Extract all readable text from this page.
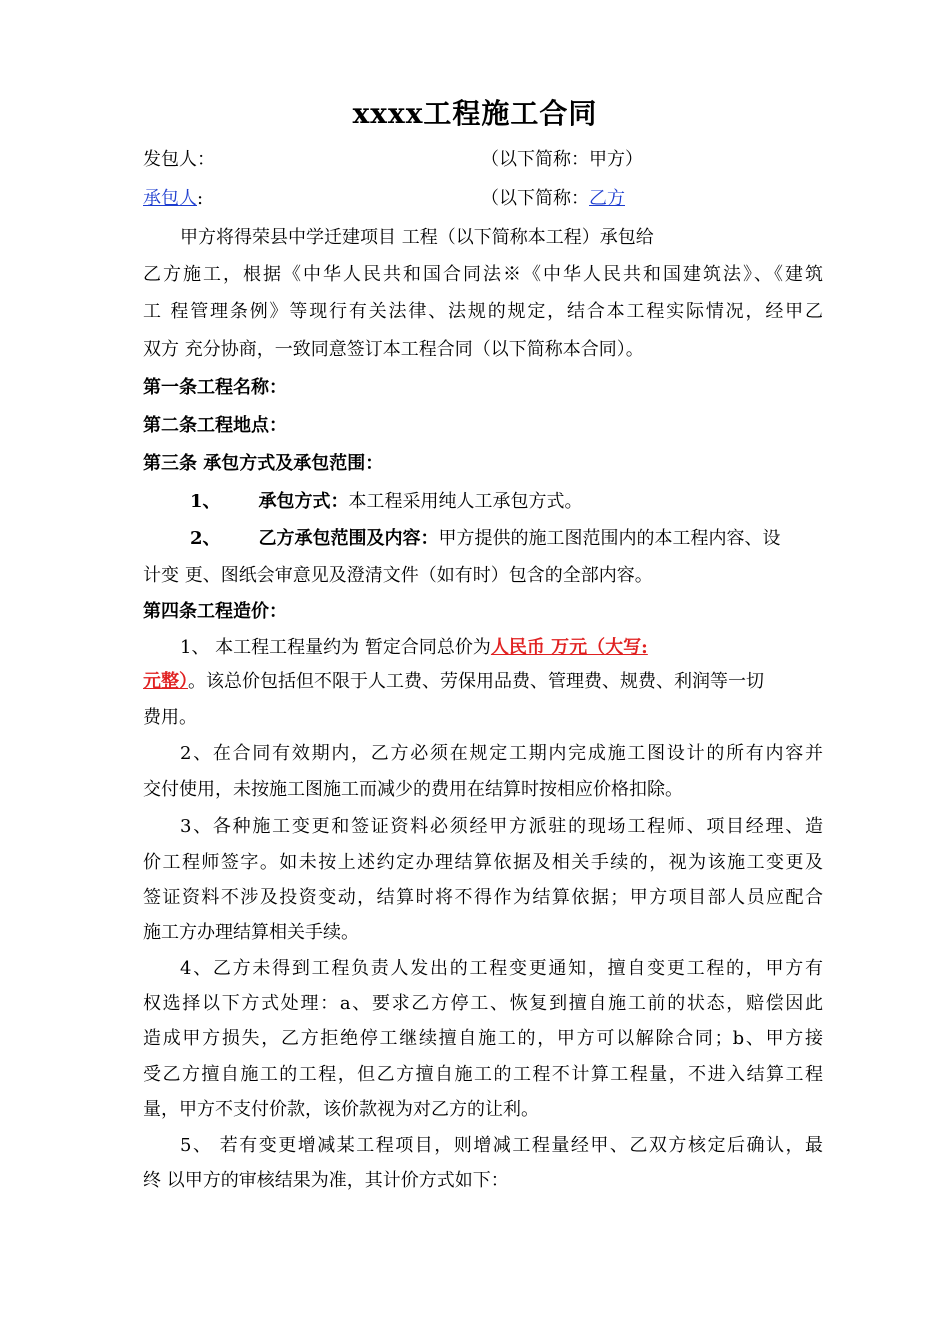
xxxx工程施工合同
发包人：	（以下简称：甲方）
承包人:	（以下简称：乙方
甲方将得荣县中学迁建项目 工程（以下简称本工程）承包给
乙方施工，根据《中华人民共和国合同法※《中华人民共和国建筑法》、《建筑
工 程管理条例》等现行有关法律、法规的规定，结合本工程实际情况，经甲乙
双方 充分协商，一致同意签订本工程合同（以下简称本合同）。
第一条工程名称：
第二条工程地点：
第三条 承包方式及承包范围：
1、 承包方式：本工程采用纯人工承包方式。
2、 乙方承包范围及内容：甲方提供的施工图范围内的本工程内容、设
计变 更、图纸会审意见及澄清文件（如有时）包含的全部内容。
第四条工程造价：
1、 本工程工程量约为 暂定合同总价为人民币 万元（大写:
元整）。该总价包括但不限于人工费、劳保用品费、管理费、规费、利润等一切
费用。
2、在合同有效期内，乙方必须在规定工期内完成施工图设计的所有内容并
交付使用，未按施工图施工而减少的费用在结算时按相应价格扣除。
3、各种施工变更和签证资料必须经甲方派驻的现场工程师、项目经理、造
价工程师签字。如未按上述约定办理结算依据及相关手续的，视为该施工变更及
签证资料不涉及投资变动，结算时将不得作为结算依据；甲方项目部人员应配合
施工方办理结算相关手续。
4、乙方未得到工程负责人发出的工程变更通知，擅自变更工程的，甲方有
权选择以下方式处理：a、要求乙方停工、恢复到擅自施工前的状态，赔偿因此
造成甲方损失，乙方拒绝停工继续擅自施工的，甲方可以解除合同；b、甲方接
受乙方擅自施工的工程，但乙方擅自施工的工程不计算工程量，不进入结算工程
量，甲方不支付价款，该价款视为对乙方的让利。
5、 若有变更增减某工程项目，则增减工程量经甲、乙双方核定后确认，最
终 以甲方的审核结果为准，其计价方式如下：
